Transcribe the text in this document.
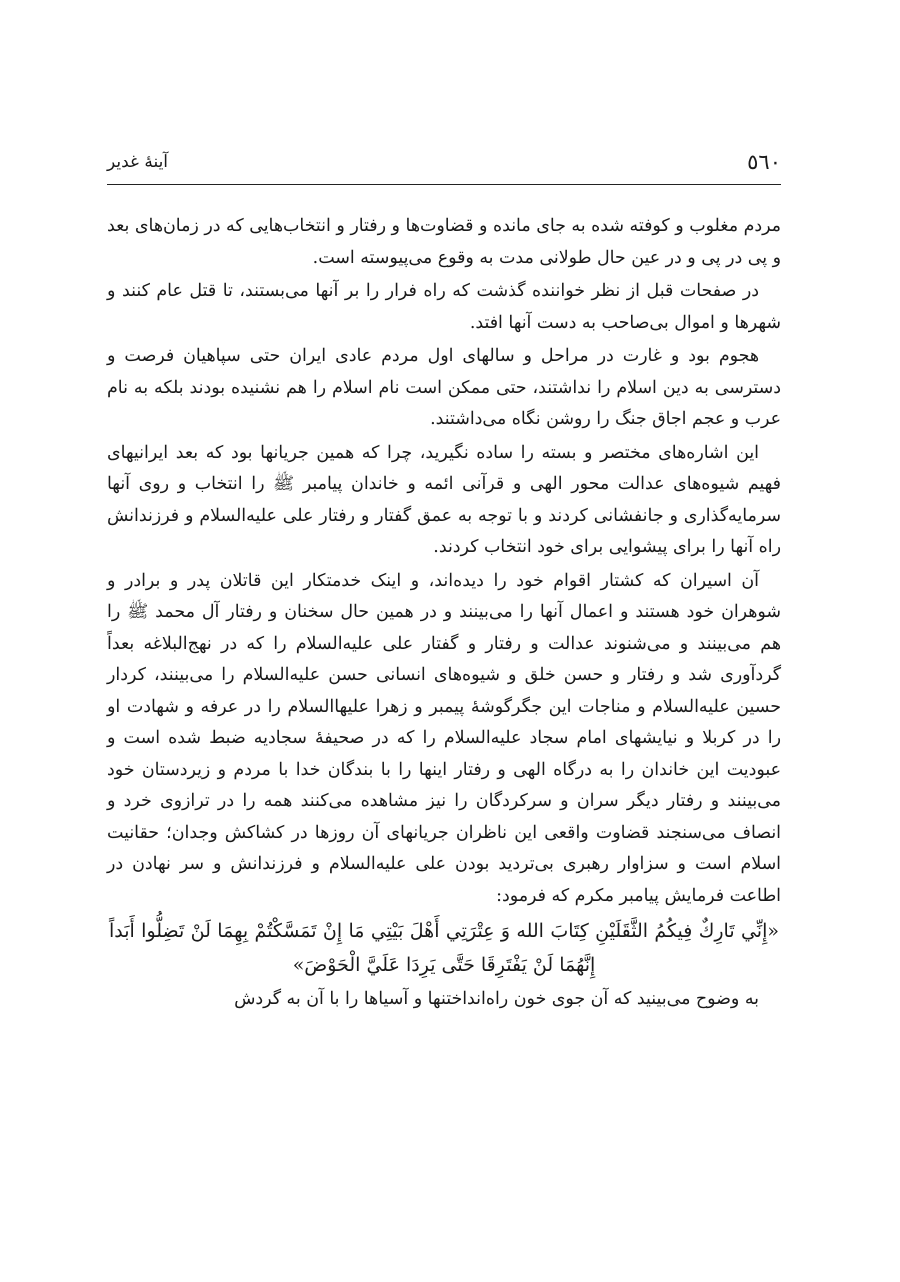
٥٦٠
آینهٔ غدیر

مردم مغلوب و کوفته شده به جای مانده و قضاوت‌ها و رفتار و انتخاب‌هایی که در زمان‌های بعد و پی در پی و در عین حال طولانی مدت به وقوع می‌پیوسته است.

در صفحات قبل از نظر خواننده گذشت که راه فرار را بر آنها می‌بستند، تا قتل عام کنند و شهرها و اموال بی‌صاحب به دست آنها افتد.

هجوم بود و غارت در مراحل و سالهای اول مردم عادی ایران حتی سپاهیان فرصت و دسترسی به دین اسلام را نداشتند، حتی ممکن است نام اسلام را هم نشنیده بودند بلکه به نام عرب و عجم اجاق جنگ را روشن نگاه می‌داشتند.

این اشاره‌های مختصر و بسته را ساده نگیرید، چرا که همین جریانها بود که بعد ایرانیهای فهیم شیوه‌های عدالت محور الهی و قرآنی ائمه و خاندان پیامبر ﷺ را انتخاب و روی آنها سرمایه‌گذاری و جانفشانی کردند و با توجه به عمق گفتار و رفتار علی علیه‌السلام و فرزندانش راه آنها را برای پیشوایی برای خود انتخاب کردند.

آن اسیران که کشتار اقوام خود را دیده‌اند، و اینک خدمتکار این قاتلان پدر و برادر و شوهران خود هستند و اعمال آنها را می‌بینند و در همین حال سخنان و رفتار آل محمد ﷺ را هم می‌بینند و می‌شنوند عدالت و رفتار و گفتار علی علیه‌السلام را که در نهج‌البلاغه بعداً گردآوری شد و رفتار و حسن خلق و شیوه‌های انسانی حسن علیه‌السلام را می‌بینند، کردار حسین علیه‌السلام و مناجات این جگرگوشهٔ پیمبر و زهرا علیهاالسلام را در عرفه و شهادت او را در کربلا و نیایشهای امام سجاد علیه‌السلام را که در صحیفهٔ سجادیه ضبط شده است و عبودیت این خاندان را به درگاه الهی و رفتار اینها را با بندگان خدا با مردم و زیردستان خود می‌بینند و رفتار دیگر سران و سرکردگان را نیز مشاهده می‌کنند همه را در ترازوی خرد و انصاف می‌سنجند قضاوت واقعی این ناظران جریانهای آن روزها در کشاکش وجدان؛ حقانیت اسلام است و سزاوار رهبری بی‌تردید بودن علی علیه‌السلام و فرزندانش و سر نهادن در اطاعت فرمایش پیامبر مکرم که فرمود:

«إِنِّي تَارِكٌ فِيكُمُ الثَّقَلَيْنِ كِتَابَ الله وَ عِتْرَتِي أَهْلَ بَيْتِي مَا إِنْ تَمَسَّكْتُمْ بِهِمَا لَنْ تَضِلُّوا أَبَداً إِنَّهُمَا لَنْ يَفْتَرِقَا حَتَّى يَرِدَا عَلَيَّ الْحَوْضَ»

به وضوح می‌بینید که آن جوی خون راه‌انداختنها و آسیاها را با آن به گردش
